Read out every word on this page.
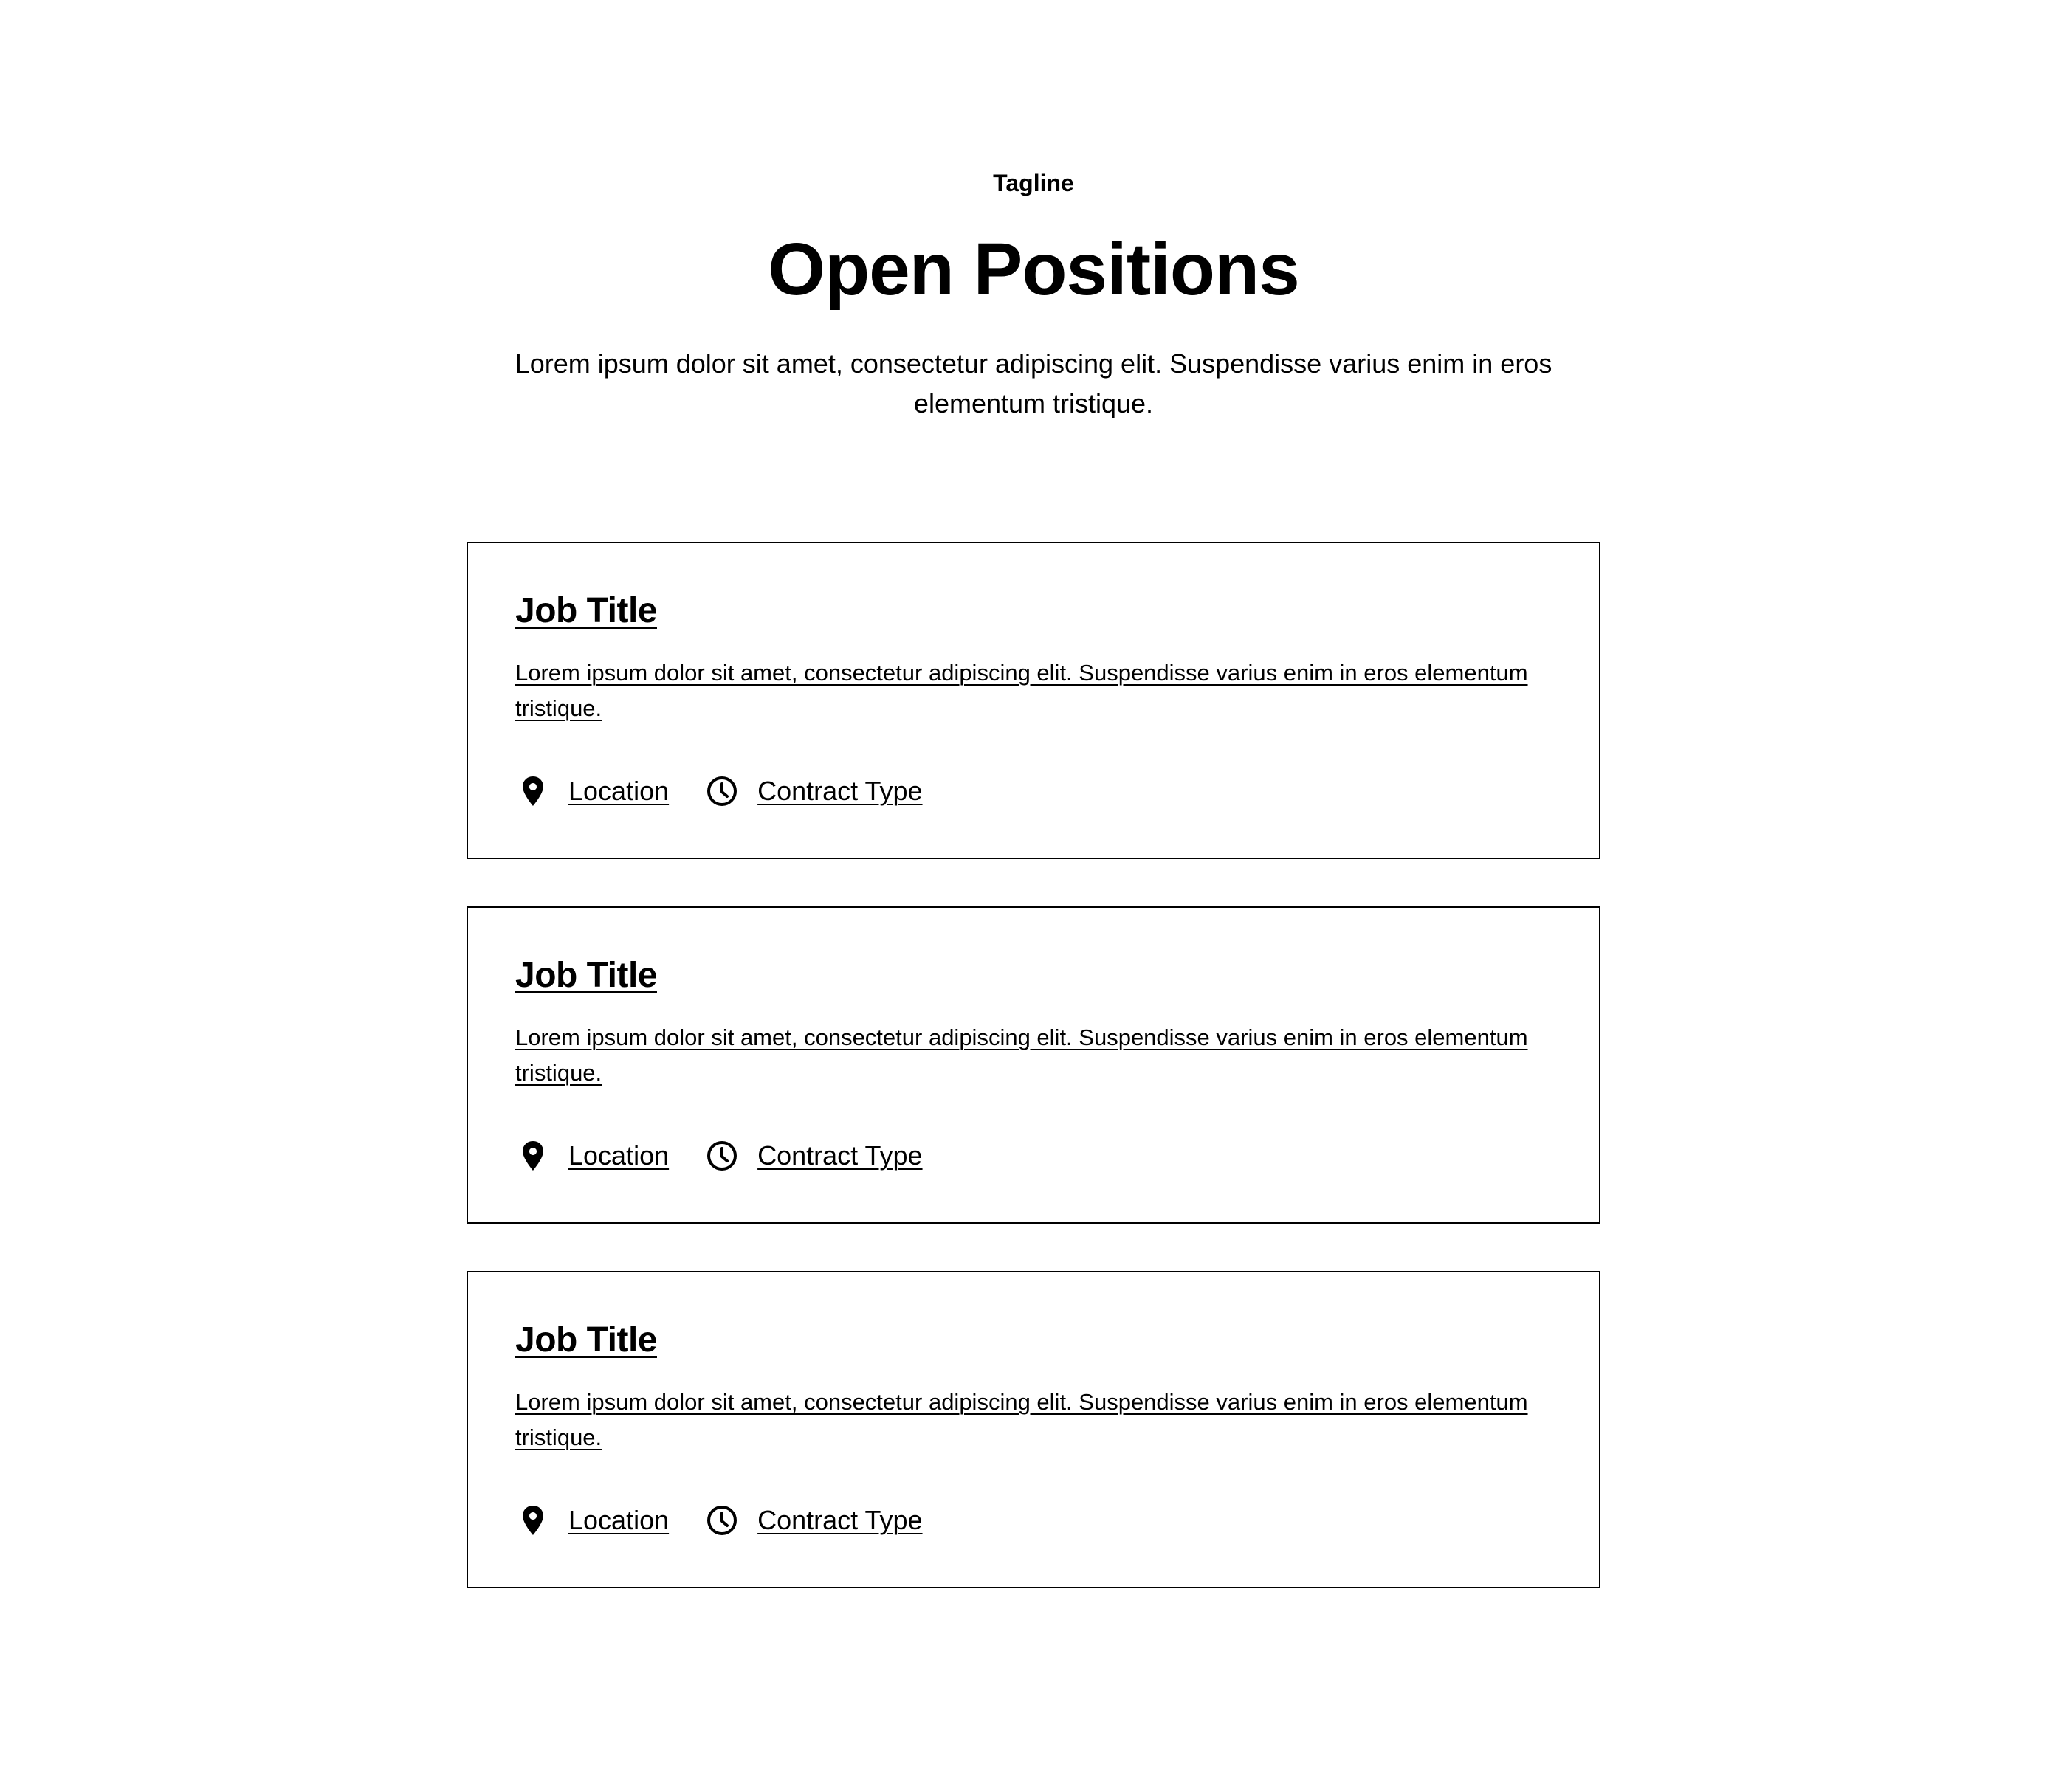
Tagline
Open Positions
Lorem ipsum dolor sit amet, consectetur adipiscing elit. Suspendisse varius enim in eros elementum tristique.
Job Title
Lorem ipsum dolor sit amet, consectetur adipiscing elit. Suspendisse varius enim in eros elementum tristique.
Location	Contract Type
Job Title
Lorem ipsum dolor sit amet, consectetur adipiscing elit. Suspendisse varius enim in eros elementum tristique.
Location	Contract Type
Job Title
Lorem ipsum dolor sit amet, consectetur adipiscing elit. Suspendisse varius enim in eros elementum tristique.
Location	Contract Type
